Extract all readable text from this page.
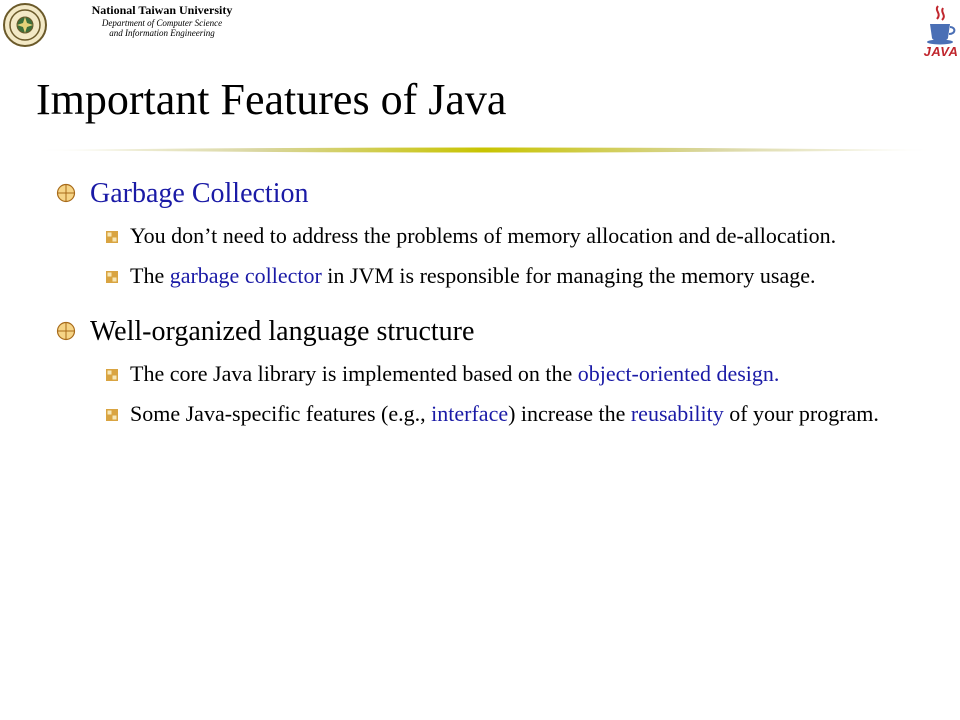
National Taiwan University
Department of Computer Science
and Information Engineering
JAVA
Important Features of Java
Garbage Collection
You don’t need to address the problems of memory allocation and de-allocation.
The garbage collector in JVM is responsible for managing the memory usage.
Well-organized language structure
The core Java library is implemented based on the object-oriented design.
Some Java-specific features (e.g., interface) increase the reusability of your program.
